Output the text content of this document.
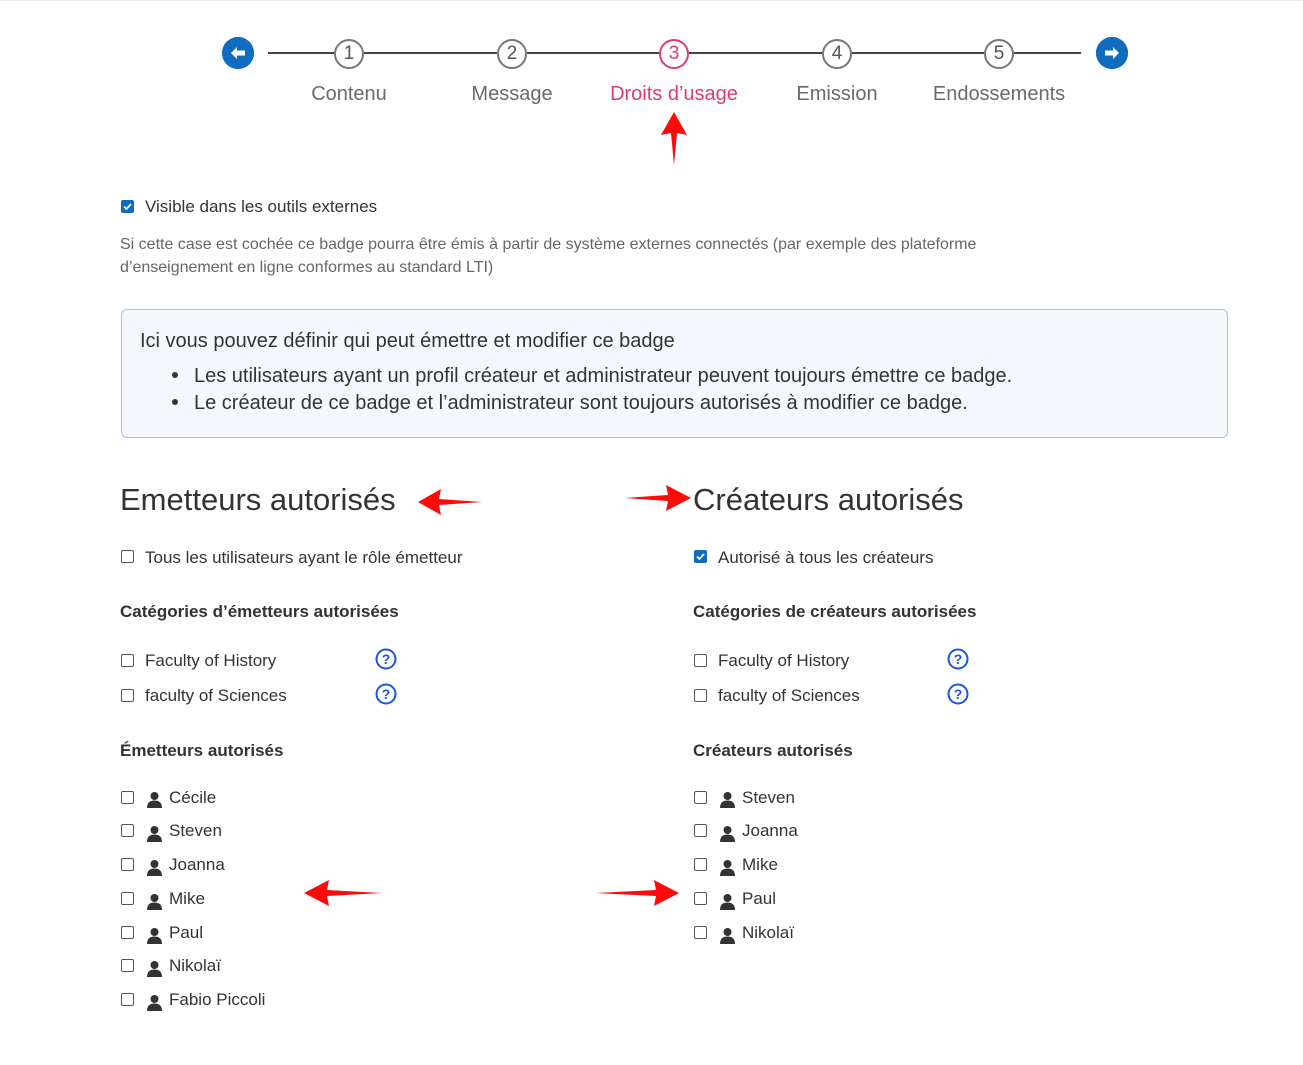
1	2	3	4	5
Contenu	Message	Droits d’usage	Emission	Endossements
Visible dans les outils externes
Si cette case est cochée ce badge pourra être émis à partir de système externes connectés (par exemple des plateforme
d’enseignement en ligne conformes au standard LTI)
Ici vous pouvez définir qui peut émettre et modifier ce badge
Les utilisateurs ayant un profil créateur et administrateur peuvent toujours émettre ce badge.
Le créateur de ce badge et l’administrateur sont toujours autorisés à modifier ce badge.
Emetteurs autorisés
Tous les utilisateurs ayant le rôle émetteur
Catégories d’émetteurs autorisées
Faculty of History	?
faculty of Sciences	?
Émetteurs autorisés
Cécile
Steven
Joanna
Mike
Paul
Nikolaï
Fabio Piccoli
Créateurs autorisés
Autorisé à tous les créateurs
Catégories de créateurs autorisées
Faculty of History	?
faculty of Sciences	?
Créateurs autorisés
Steven
Joanna
Mike
Paul
Nikolaï
